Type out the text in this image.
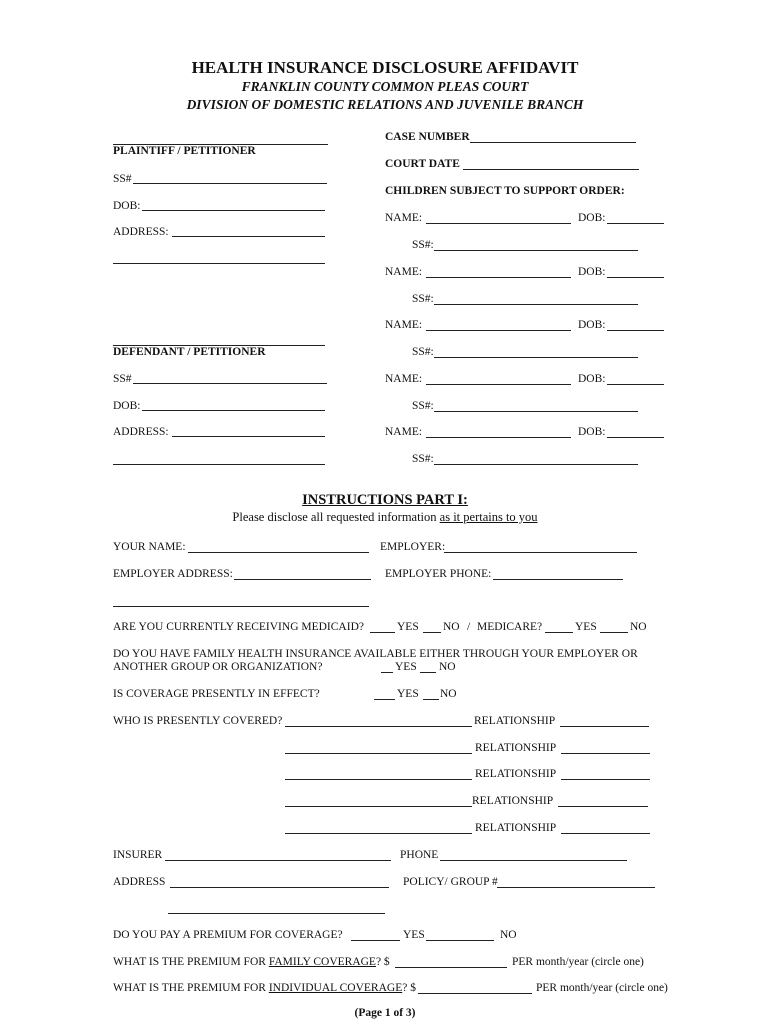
HEALTH INSURANCE DISCLOSURE AFFIDAVIT
FRANKLIN COUNTY COMMON PLEAS COURT
DIVISION OF DOMESTIC RELATIONS AND JUVENILE BRANCH
PLAINTIFF / PETITIONER
SS#
DOB:
ADDRESS:
DEFENDANT / PETITIONER
SS#
DOB:
ADDRESS:
CASE NUMBER
COURT DATE
CHILDREN SUBJECT TO SUPPORT ORDER:
NAME:	DOB:
SS#:
NAME:	DOB:
SS#:
NAME:	DOB:
SS#:
NAME:	DOB:
SS#:
NAME:	DOB:
SS#:
INSTRUCTIONS PART I:
Please disclose all requested information as it pertains to you
YOUR NAME:	EMPLOYER:
EMPLOYER ADDRESS:	EMPLOYER PHONE:
ARE YOU CURRENTLY RECEIVING MEDICAID?	YES NO / MEDICARE?	YES	NO
DO YOU HAVE FAMILY HEALTH INSURANCE AVAILABLE EITHER THROUGH YOUR EMPLOYER OR
ANOTHER GROUP OR ORGANIZATION?	YES NO
IS COVERAGE PRESENTLY IN EFFECT?	YES NO
WHO IS PRESENTLY COVERED?	RELATIONSHIP
RELATIONSHIP
RELATIONSHIP
RELATIONSHIP
RELATIONSHIP
INSURER	PHONE
ADDRESS	POLICY/ GROUP #
DO YOU PAY A PREMIUM FOR COVERAGE?	YES	NO
WHAT IS THE PREMIUM FOR FAMILY COVERAGE? $	PER month/year (circle one)
WHAT IS THE PREMIUM FOR INDIVIDUAL COVERAGE? $	PER month/year (circle one)
(Page 1 of 3)
